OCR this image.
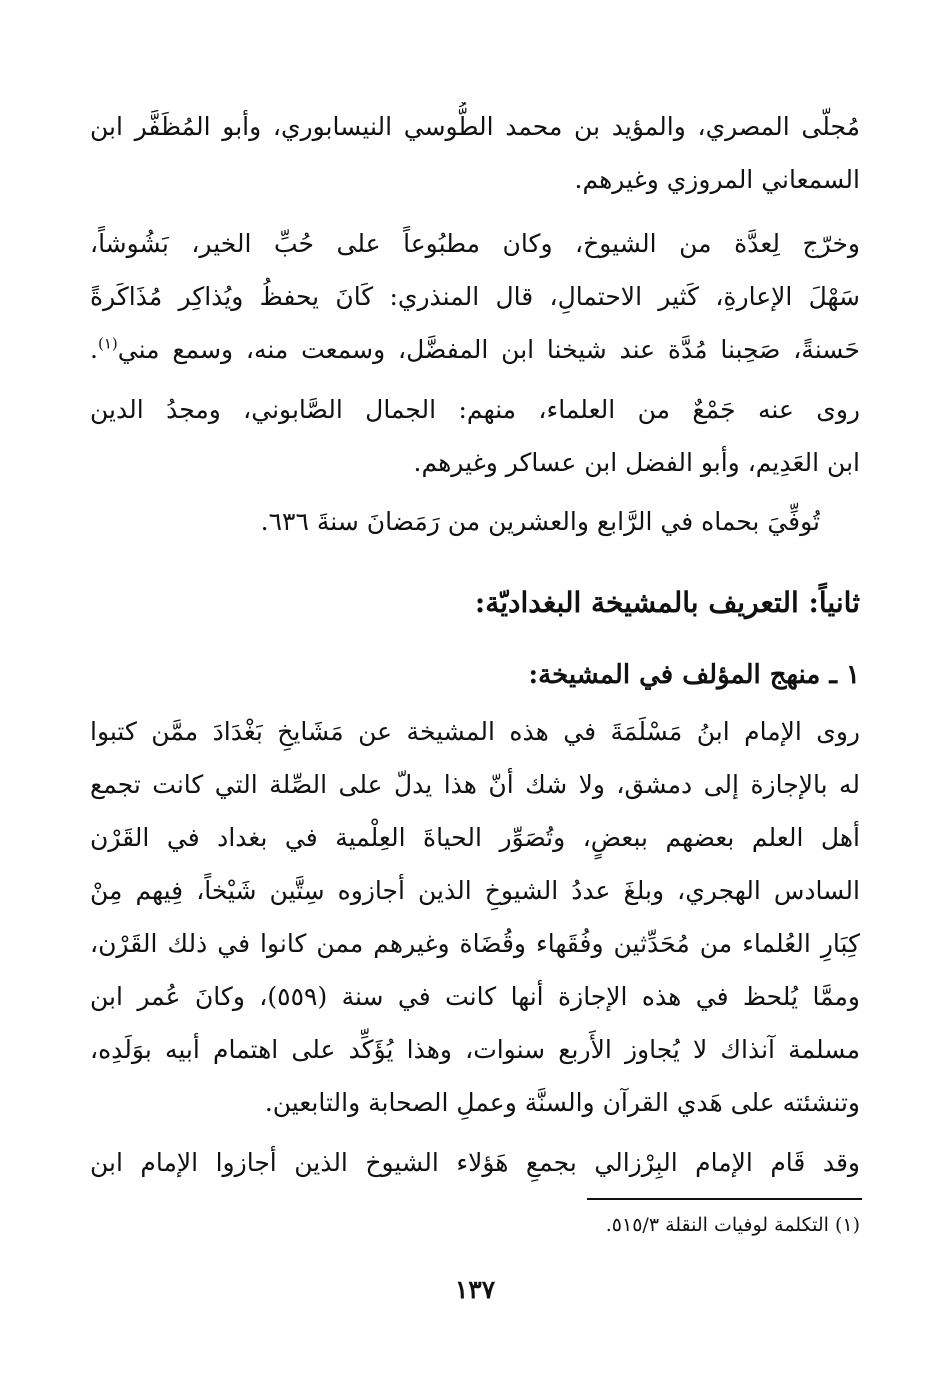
مُجلّى المصري، والمؤيد بن محمد الطُّوسي النيسابوري، وأبو المُظَفَّر ابن
السمعاني المروزي وغيرهم.
وخرّج لِعدَّة من الشيوخ، وكان مطبُوعاً على حُبِّ الخير، بَشُوشاً،
سَهْلَ الإعارةِ، كَثير الاحتمالِ، قال المنذري: كَانَ يحفظُ ويُذاكِر مُذَاكَرةً
حَسنةً، صَحِبنا مُدَّة عند شيخنا ابن المفضَّل، وسمعت منه، وسمع مني$^{(١)}$.
روى عنه جَمْعٌ من العلماء، منهم: الجمال الصَّابوني، ومجدُ الدين
ابن العَدِيم، وأبو الفضل ابن عساكر وغيرهم.
تُوفِّيَ بحماه في الرَّابع والعشرين من رَمَضانَ سنةَ ٦٣٦.
ثانياً: التعريف بالمشيخة البغداديّة:
١ ـ منهج المؤلف في المشيخة:
روى الإمام ابنُ مَسْلَمَةَ في هذه المشيخة عن مَشَايخِ بَغْدَادَ ممَّن كتبوا
له بالإجازة إلى دمشق، ولا شك أنّ هذا يدلّ على الصِّلة التي كانت تجمع
أهل العلم بعضهم ببعضٍ، وتُصَوِّر الحياةَ العِلْمية في بغداد في القَرْن
السادس الهجري، وبلغَ عددُ الشيوخِ الذين أجازوه سِتَّين شَيْخاً، فِيهم مِنْ
كِبَارِ العُلماء من مُحَدِّثين وفُقَهاء وقُضَاة وغيرهم ممن كانوا في ذلك القَرْن،
وممَّا يُلحظ في هذه الإجازة أنها كانت في سنة (٥٥٩)، وكانَ عُمر ابن
مسلمة آنذاك لا يُجاوز الأَربع سنوات، وهذا يُؤَكِّد على اهتمام أبيه بوَلَدِه،
وتنشئته على هَدي القرآن والسنَّة وعملِ الصحابة والتابعين.
وقد قَام الإمام البِرْزالي بجمعِ هَؤلاء الشيوخ الذين أجازوا الإمام ابن
(١) التكلمة لوفيات النقلة ٥١٥/٣.
١٣٧
